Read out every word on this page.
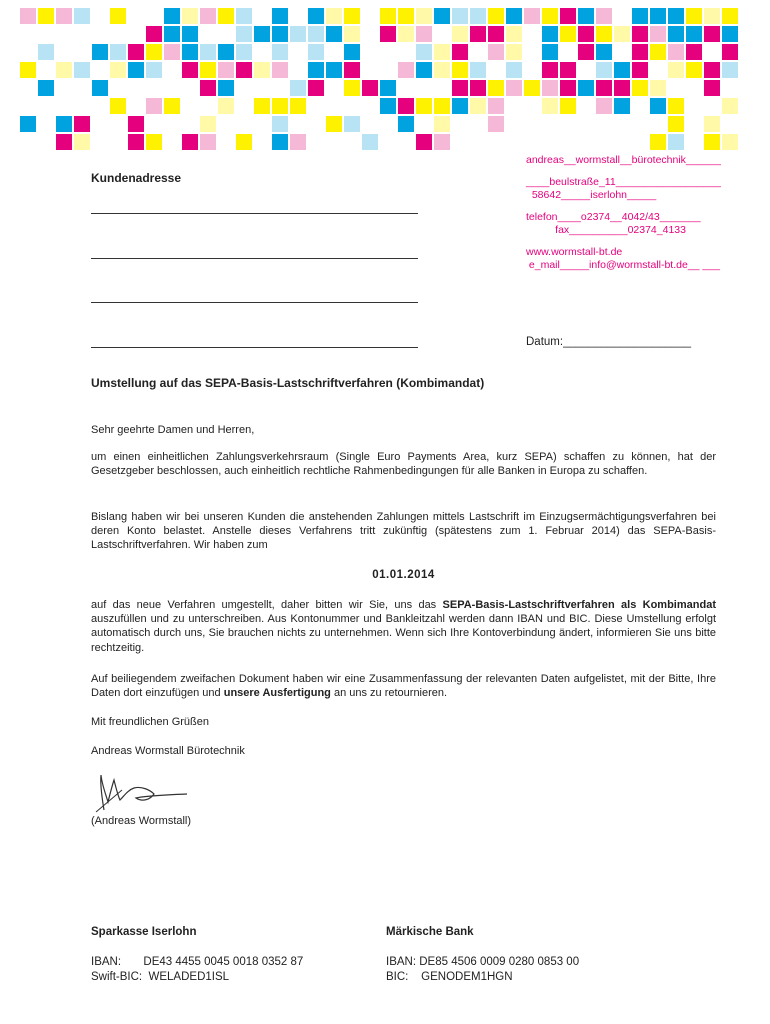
andreas__wormstall__bürotechnik______
____beulstraße_11__________________
58642_____iserlohn_____
telefon____o2374__4042/43_______
fax__________02374_4133
www.wormstall-bt.de
e_mail_____info@wormstall-bt.de__ ___
Kundenadresse
Datum:____________________
Umstellung auf das SEPA-Basis-Lastschriftverfahren (Kombimandat)
Sehr geehrte Damen und Herren,
um einen einheitlichen Zahlungsverkehrsraum (Single Euro Payments Area, kurz SEPA) schaffen zu können, hat der Gesetzgeber beschlossen, auch einheitlich rechtliche Rahmenbedingungen für alle Banken in Europa zu schaffen.
Bislang haben wir bei unseren Kunden die anstehenden Zahlungen mittels Lastschrift im Einzugsermächtigungsverfahren bei deren Konto belastet. Anstelle dieses Verfahrens tritt zukünftig (spätestens zum 1. Februar 2014) das SEPA-Basis-Lastschriftverfahren. Wir haben zum
01.01.2014
auf das neue Verfahren umgestellt, daher bitten wir Sie, uns das SEPA-Basis-Lastschriftverfahren als Kombimandat auszufüllen und zu unterschreiben. Aus Kontonummer und Bankleitzahl werden dann IBAN und BIC. Diese Umstellung erfolgt automatisch durch uns, Sie brauchen nichts zu unternehmen. Wenn sich Ihre Kontoverbindung ändert, informieren Sie uns bitte rechtzeitig.
Auf beiliegendem zweifachen Dokument haben wir eine Zusammenfassung der relevanten Daten aufgelistet, mit der Bitte, Ihre Daten dort einzufügen und unsere Ausfertigung an uns zu retournieren.
Mit freundlichen Grüßen
Andreas Wormstall Bürotechnik
(Andreas Wormstall)
Sparkasse Iserlohn
IBAN:       DE43 4455 0045 0018 0352 87
Swift-BIC:  WELADED1ISL
Märkische Bank
IBAN: DE85 4506 0009 0280 0853 00
BIC:    GENODEM1HGN
